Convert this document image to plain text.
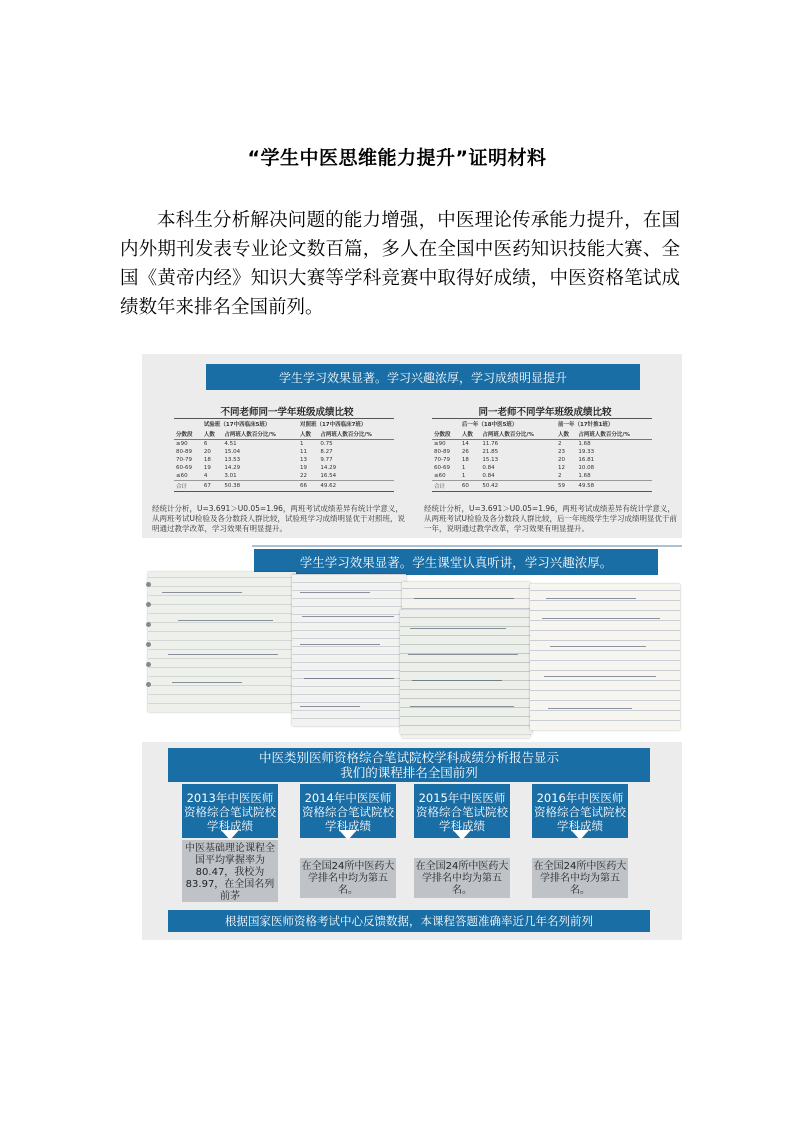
“学生中医思维能力提升”证明材料
本科生分析解决问题的能力增强，中医理论传承能力提升，在国内外期刊发表专业论文数百篇，多人在全国中医药知识技能大赛、全国《黄帝内经》知识大赛等学科竞赛中取得好成绩，中医资格笔试成绩数年来排名全国前列。
学生学习效果显著。学习兴趣浓厚，学习成绩明显提升
不同老师同一学年班级成绩比较
	试验班（17中西临床5班）		对照班（17中西临床7班）	
分数段	人数	占两班人数百分比/%	人数	占两班人数百分比/%
≥90	6	4.51	1	0.75
80-89	20	15.04	11	8.27
70-79	18	13.53	13	9.77
60-69	19	14.29	19	14.29
≤60	4	3.01	22	16.54
合计	67	50.38	66	49.62
经统计分析，U=3.691＞U0.05=1.96，两班考试成绩差异有统计学意义，从两班考试U检验及各分数段人群比较，试验班学习成绩明显优于对照班，说明通过教学改革，学习效果有明显提升。
同一老师不同学年班级成绩比较
	后一年（18中医5班）		前一年（17针推1班）	
分数段	人数	占两班人数百分比/%	人数	占两班人数百分比/%
≥90	14	11.76	2	1.68
80-89	26	21.85	23	19.33
70-79	18	15.13	20	16.81
60-69	1	0.84	12	10.08
≤60	1	0.84	2	1.68
合计	60	50.42	59	49.58
经统计分析，U=3.691＞U0.05=1.96，两班考试成绩差异有统计学意义，从两班考试U检验及各分数段人群比较，后一年班级学生学习成绩明显优于前一年，说明通过教学改革，学习效果有明显提升。
学生学习效果显著。学生课堂认真听讲，学习兴趣浓厚。
中医类别医师资格综合笔试院校学科成绩分析报告显示
我们的课程排名全国前列
2013年中医医师资格综合笔试院校学科成绩
中医基础理论课程全国平均掌握率为80.47，我校为83.97，在全国名列前茅
2014年中医医师资格综合笔试院校学科成绩
在全国24所中医药大学排名中均为第五名。
2015年中医医师资格综合笔试院校学科成绩
在全国24所中医药大学排名中均为第五名。
2016年中医医师资格综合笔试院校学科成绩
在全国24所中医药大学排名中均为第五名。
根据国家医师资格考试中心反馈数据，本课程答题准确率近几年名列前列
